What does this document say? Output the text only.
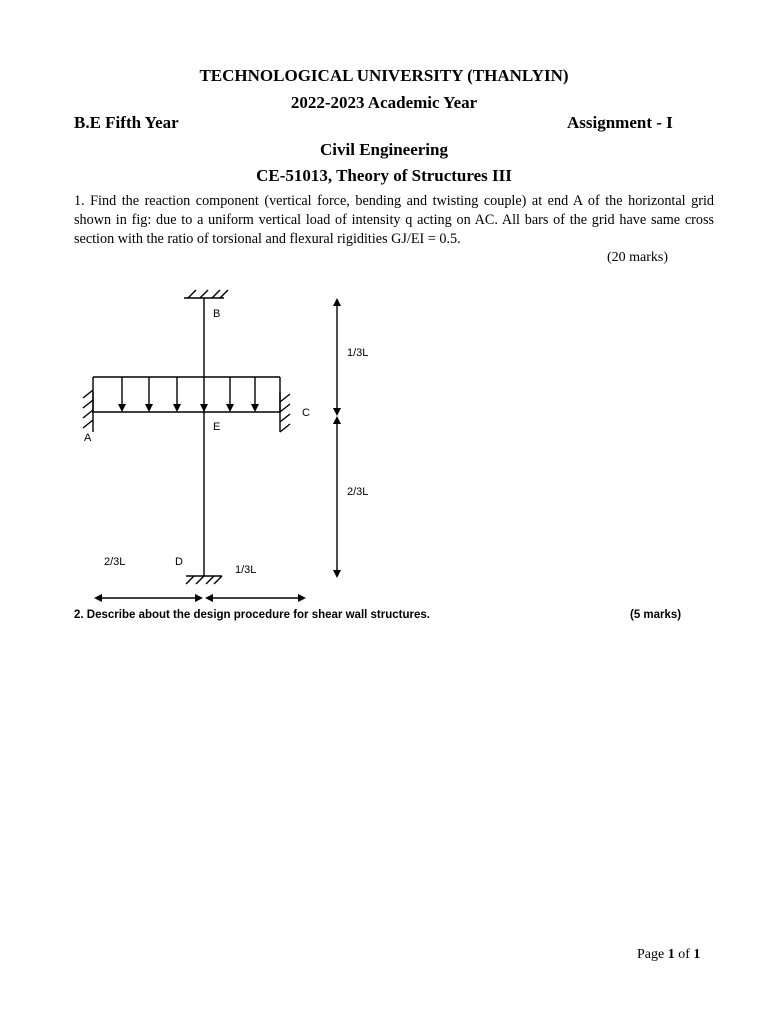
TECHNOLOGICAL UNIVERSITY (THANLYIN)
2022-2023 Academic Year
B.E Fifth Year	Assignment - I
Civil Engineering
CE-51013, Theory of Structures III
1. Find the reaction component (vertical force, bending and twisting couple) at end A of the horizontal grid shown in fig: due to a uniform vertical load of intensity q acting on AC. All bars of the grid have same cross section with the ratio of torsional and flexural rigidities GJ/EI = 0.5.
(20 marks)
B
C
A
E
D
1/3L
2/3L
2/3L
1/3L
2. Describe about the design procedure for shear wall structures.	(5 marks)
Page 1 of 1
